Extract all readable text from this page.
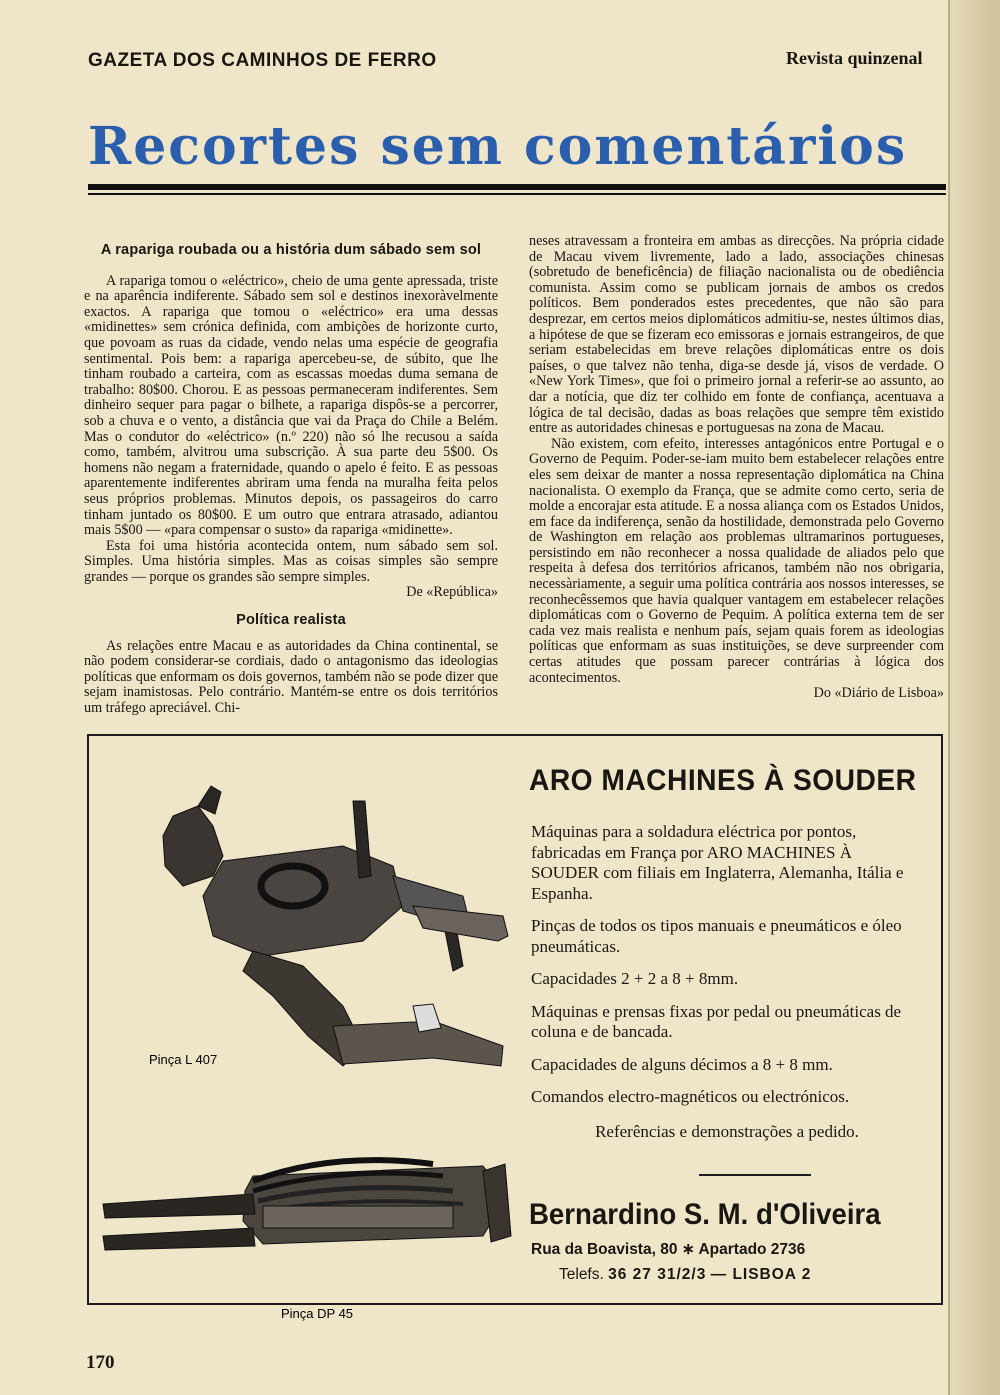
GAZETA DOS CAMINHOS DE FERRO	Revista quinzenal
Recortes sem comentários
A rapariga roubada ou a história dum sábado sem sol

A rapariga tomou o «eléctrico», cheio de uma gente apressada, triste e na aparência indiferente. Sábado sem sol e destinos inexoràvelmente exactos. A rapariga que tomou o «eléctrico» era uma dessas «midinettes» sem crónica definida, com ambições de horizonte curto, que povoam as ruas da cidade, vendo nelas uma espécie de geografia sentimental. Pois bem: a rapariga apercebeu-se, de súbito, que lhe tinham roubado a carteira, com as escassas moedas duma semana de trabalho: 80$00. Chorou. E as pessoas permaneceram indiferentes. Sem dinheiro sequer para pagar o bilhete, a rapariga dispôs-se a percorrer, sob a chuva e o vento, a distância que vai da Praça do Chile a Belém. Mas o condutor do «eléctrico» (n.º 220) não só lhe recusou a saída como, também, alvitrou uma subscrição. À sua parte deu 5$00. Os homens não negam a fraternidade, quando o apelo é feito. E as pessoas aparentemente indiferentes abriram uma fenda na muralha feita pelos seus próprios problemas. Minutos depois, os passageiros do carro tinham juntado os 80$00. E um outro que entrara atrasado, adiantou mais 5$00 — «para compensar o susto» da rapariga «midinette».

Esta foi uma história acontecida ontem, num sábado sem sol. Simples. Uma história simples. Mas as coisas simples são sempre grandes — porque os grandes são sempre simples.

De «República»

Política realista

As relações entre Macau e as autoridades da China continental, se não podem considerar-se cordiais, dado o antagonismo das ideologias políticas que enformam os dois governos, também não se pode dizer que sejam inamistosas. Pelo contrário. Mantém-se entre os dois territórios um tráfego apreciável. Chi-

neses atravessam a fronteira em ambas as direcções. Na própria cidade de Macau vivem livremente, lado a lado, associações chinesas (sobretudo de beneficência) de filiação nacionalista ou de obediência comunista. Assim como se publicam jornais de ambos os credos políticos. Bem ponderados estes precedentes, que não são para desprezar, em certos meios diplomáticos admitiu-se, nestes últimos dias, a hipótese de que se fizeram eco emissoras e jornais estrangeiros, de que seriam estabelecidas em breve relações diplomáticas entre os dois países, o que talvez não tenha, diga-se desde já, visos de verdade. O «New York Times», que foi o primeiro jornal a referir-se ao assunto, ao dar a notícia, que diz ter colhido em fonte de confiança, acentuava a lógica de tal decisão, dadas as boas relações que sempre têm existido entre as autoridades chinesas e portuguesas na zona de Macau.

Não existem, com efeito, interesses antagónicos entre Portugal e o Governo de Pequim. Poder-se-iam muito bem estabelecer relações entre eles sem deixar de manter a nossa representação diplomática na China nacionalista. O exemplo da França, que se admite como certo, seria de molde a encorajar esta atitude. E a nossa aliança com os Estados Unidos, em face da indiferença, senão da hostilidade, demonstrada pelo Governo de Washington em relação aos problemas ultramarinos portugueses, persistindo em não reconhecer a nossa qualidade de aliados pelo que respeita à defesa dos territórios africanos, também não nos obrigaria, necessàriamente, a seguir uma política contrária aos nossos interesses, se reconhecêssemos que havia qualquer vantagem em estabelecer relações diplomáticas com o Governo de Pequim. A política externa tem de ser cada vez mais realista e nenhum país, sejam quais forem as ideologias políticas que enformam as suas instituições, se deve surpreender com certas atitudes que possam parecer contrárias à lógica dos acontecimentos.

Do «Diário de Lisboa»

Pinça L 407
Pinça DP 45
ARO MACHINES À SOUDER

Máquinas para a soldadura eléctrica por pontos, fabricadas em França por ARO MACHINES À SOUDER com filiais em Inglaterra, Alemanha, Itália e Espanha.

Pinças de todos os tipos manuais e pneumáticos e óleo pneumáticas.

Capacidades 2 + 2 a 8 + 8mm.

Máquinas e prensas fixas por pedal ou pneumáticas de coluna e de bancada.

Capacidades de alguns décimos a 8 + 8 mm.

Comandos electro-magnéticos ou electrónicos.

Referências e demonstrações a pedido.

Bernardino S. M. d'Oliveira
Rua da Boavista, 80 ∗ Apartado 2736
Telefs. 36 27 31/2/3 — LISBOA 2
170
